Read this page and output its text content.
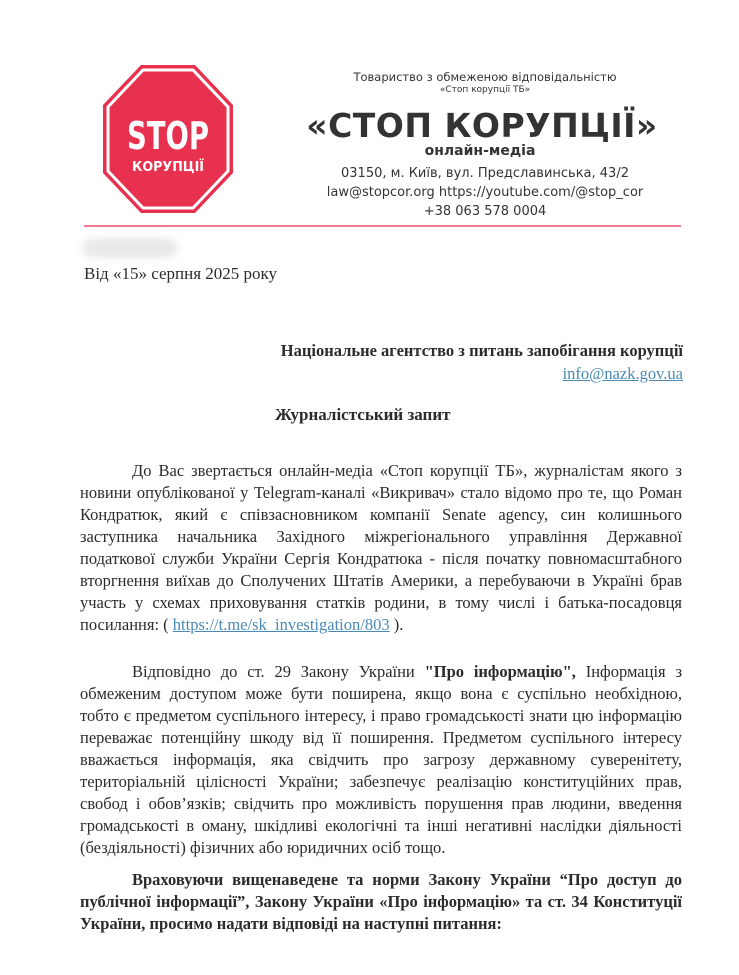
STOP
КОРУПЦІЇ
Товариство з обмеженою відповідальністю
«Стоп корупції ТБ»
«СТОП КОРУПЦІЇ»
онлайн-медіа
03150, м. Київ, вул. Предславинська, 43/2
law@stopcor.org https://youtube.com/@stop_cor
+38 063 578 0004
Від «15» серпня 2025 року
Національне агентство з питань запобігання корупції
info@nazk.gov.ua
Журналістський запит
До Вас звертається онлайн-медіа «Стоп корупції ТБ», журналістам якого з новини опублікованої у Telegram-каналі «Викривач» стало відомо про те, що Роман Кондратюк, який є співзасновником компанії Senate agency, син колишнього заступника начальника Західного міжрегіонального управління Державної податкової служби України Сергія Кондратюка - після початку повномасштабного вторгнення виїхав до Сполучених Штатів Америки, а перебуваючи в Україні брав участь у схемах приховування статків родини, в тому числі і батька-посадовця посилання: ( https://t.me/sk_investigation/803 ).
Відповідно до ст. 29 Закону України "Про інформацію", Інформація з обмеженим доступом може бути поширена, якщо вона є суспільно необхідною, тобто є предметом суспільного інтересу, і право громадськості знати цю інформацію переважає потенційну шкоду від її поширення. Предметом суспільного інтересу вважається інформація, яка свідчить про загрозу державному суверенітету, територіальній цілісності України; забезпечує реалізацію конституційних прав, свобод і обов’язків; свідчить про можливість порушення прав людини, введення громадськості в оману, шкідливі екологічні та інші негативні наслідки діяльності (бездіяльності) фізичних або юридичних осіб тощо.
Враховуючи вищенаведене та норми Закону України “Про доступ до публічної інформації”, Закону України «Про інформацію» та ст. 34 Конституції України, просимо надати відповіді на наступні питання:
